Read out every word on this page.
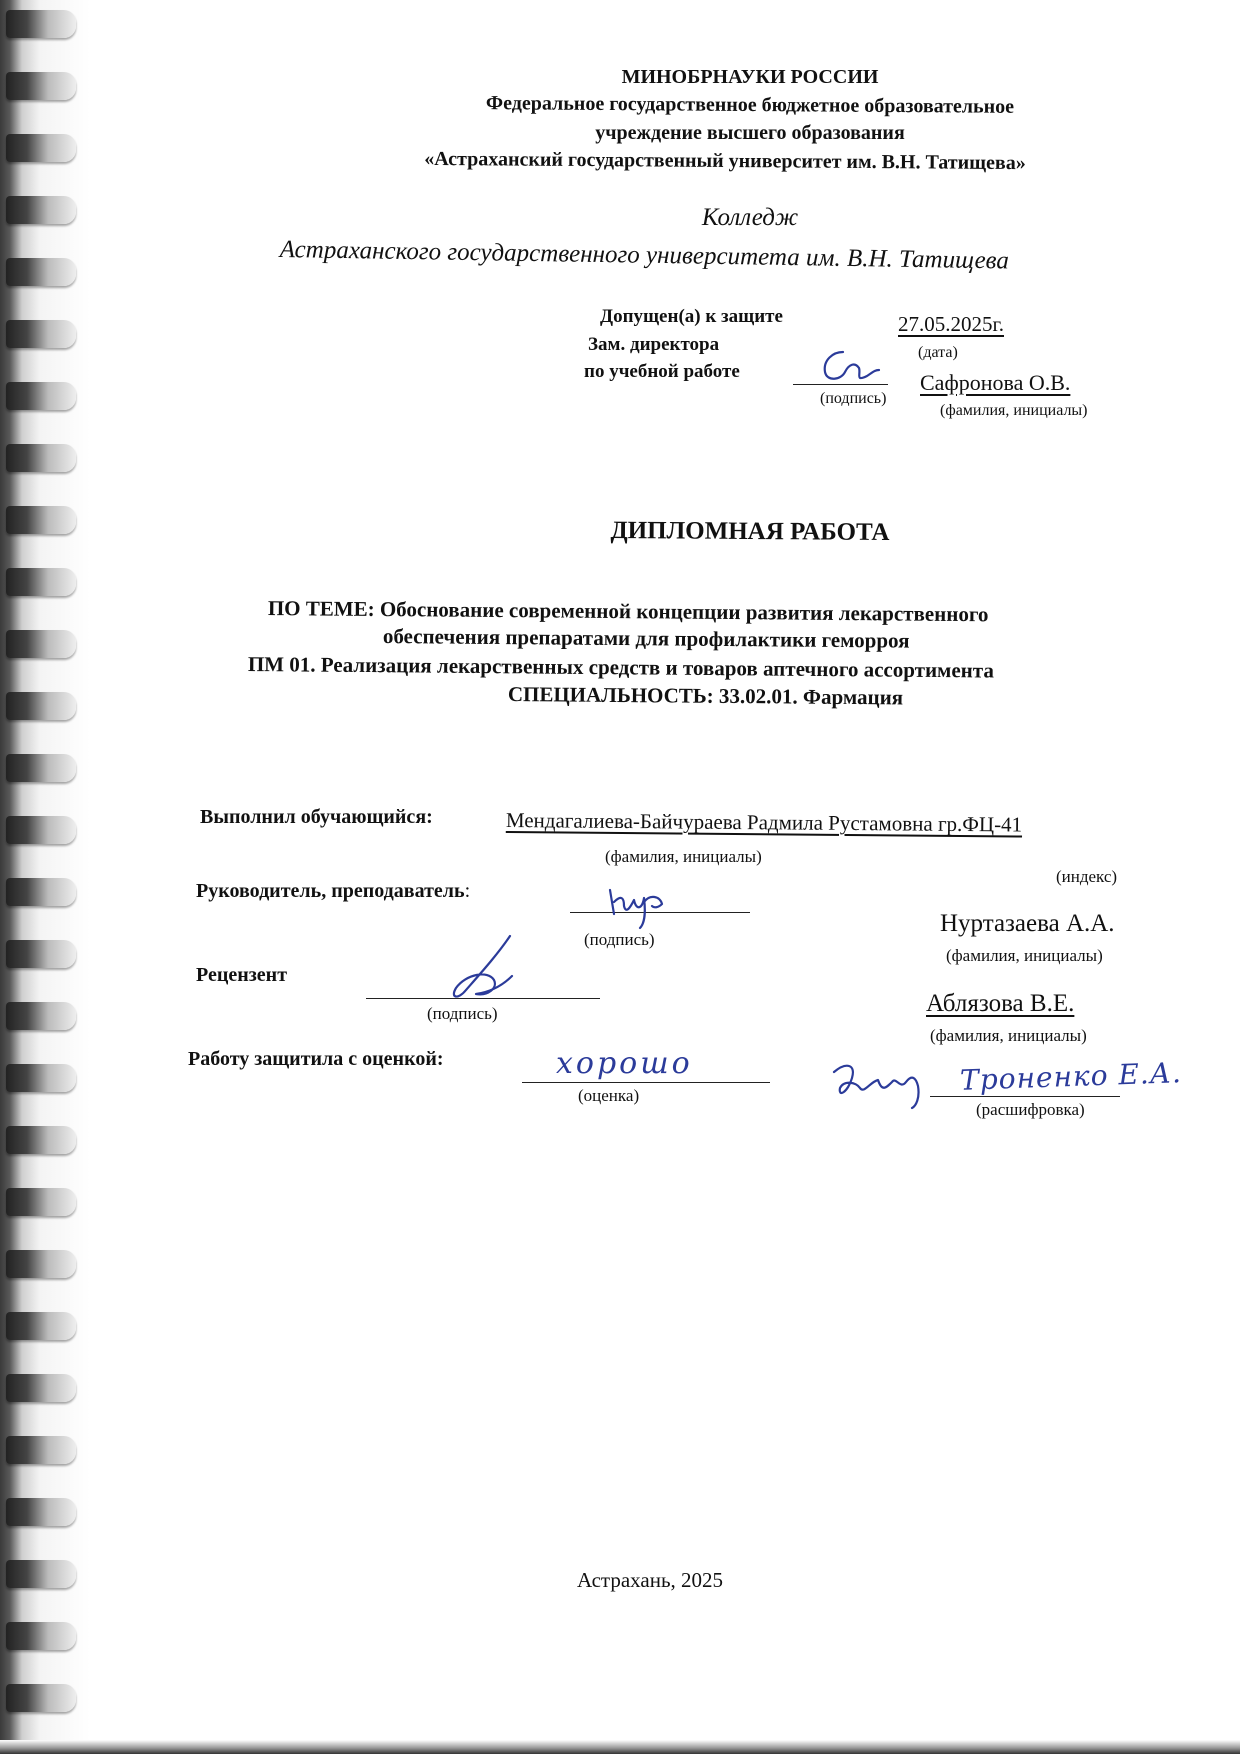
МИНОБРНАУКИ РОССИИ
Федеральное государственное бюджетное образовательное
учреждение высшего образования
«Астраханский государственный университет им. В.Н. Татищева»
Колледж
Астраханского государственного университета им. В.Н. Татищева
Допущен(а) к защите	27.05.2025г.
(дата)
Зам. директора
по учебной работе
(подпись)
Сафронова О.В.
(фамилия, инициалы)
ДИПЛОМНАЯ РАБОТА
ПО ТЕМЕ: Обоснование современной концепции развития лекарственного
обеспечения препаратами для профилактики геморроя
ПМ 01. Реализация лекарственных средств и товаров аптечного ассортимента
СПЕЦИАЛЬНОСТЬ: 33.02.01. Фармация
Выполнил обучающийся:	Мендагалиева-Байчураева Радмила Рустамовна гр.ФЦ-41
(фамилия, инициалы)
(индекс)
Руководитель, преподаватель:
(подпись)
Нуртазаева А.А.
(фамилия, инициалы)
Рецензент
(подпись)	Аблязова В.Е.
(фамилия, инициалы)
Работу защитила с оценкой:	хорошо
(оценка)	Троненко Е.А.
(расшифровка)
Астрахань, 2025
